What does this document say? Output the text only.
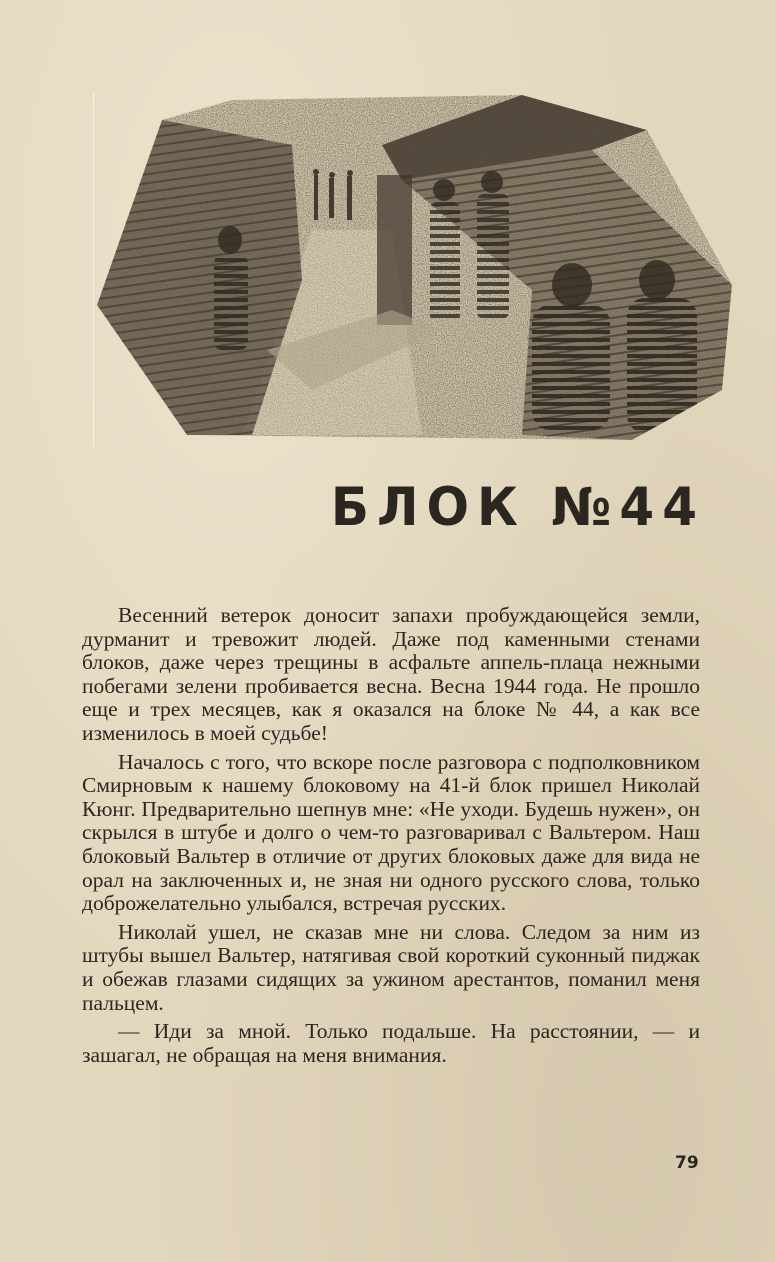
БЛОК №44

Весенний ветерок доносит запахи пробуждающейся земли, дурманит и тревожит людей. Даже под каменными стенами блоков, даже через трещины в асфальте аппель-плаца нежными побегами зелени пробивается весна. Весна 1944 года. Не прошло еще и трех месяцев, как я оказался на блоке № 44, а как все изменилось в моей судьбе!

Началось с того, что вскоре после разговора с подполковником Смирновым к нашему блоковому на 41-й блок пришел Николай Кюнг. Предварительно шепнув мне: «Не уходи. Будешь нужен», он скрылся в штубе и долго о чем-то разговаривал с Вальтером. Наш блоковый Вальтер в отличие от других блоковых даже для вида не орал на заключенных и, не зная ни одного русского слова, только доброжелательно улыбался, встречая русских.

Николай ушел, не сказав мне ни слова. Следом за ним из штубы вышел Вальтер, натягивая свой короткий суконный пиджак и обежав глазами сидящих за ужином арестантов, поманил меня пальцем.

— Иди за мной. Только подальше. На расстоянии, — и зашагал, не обращая на меня внимания.

79
